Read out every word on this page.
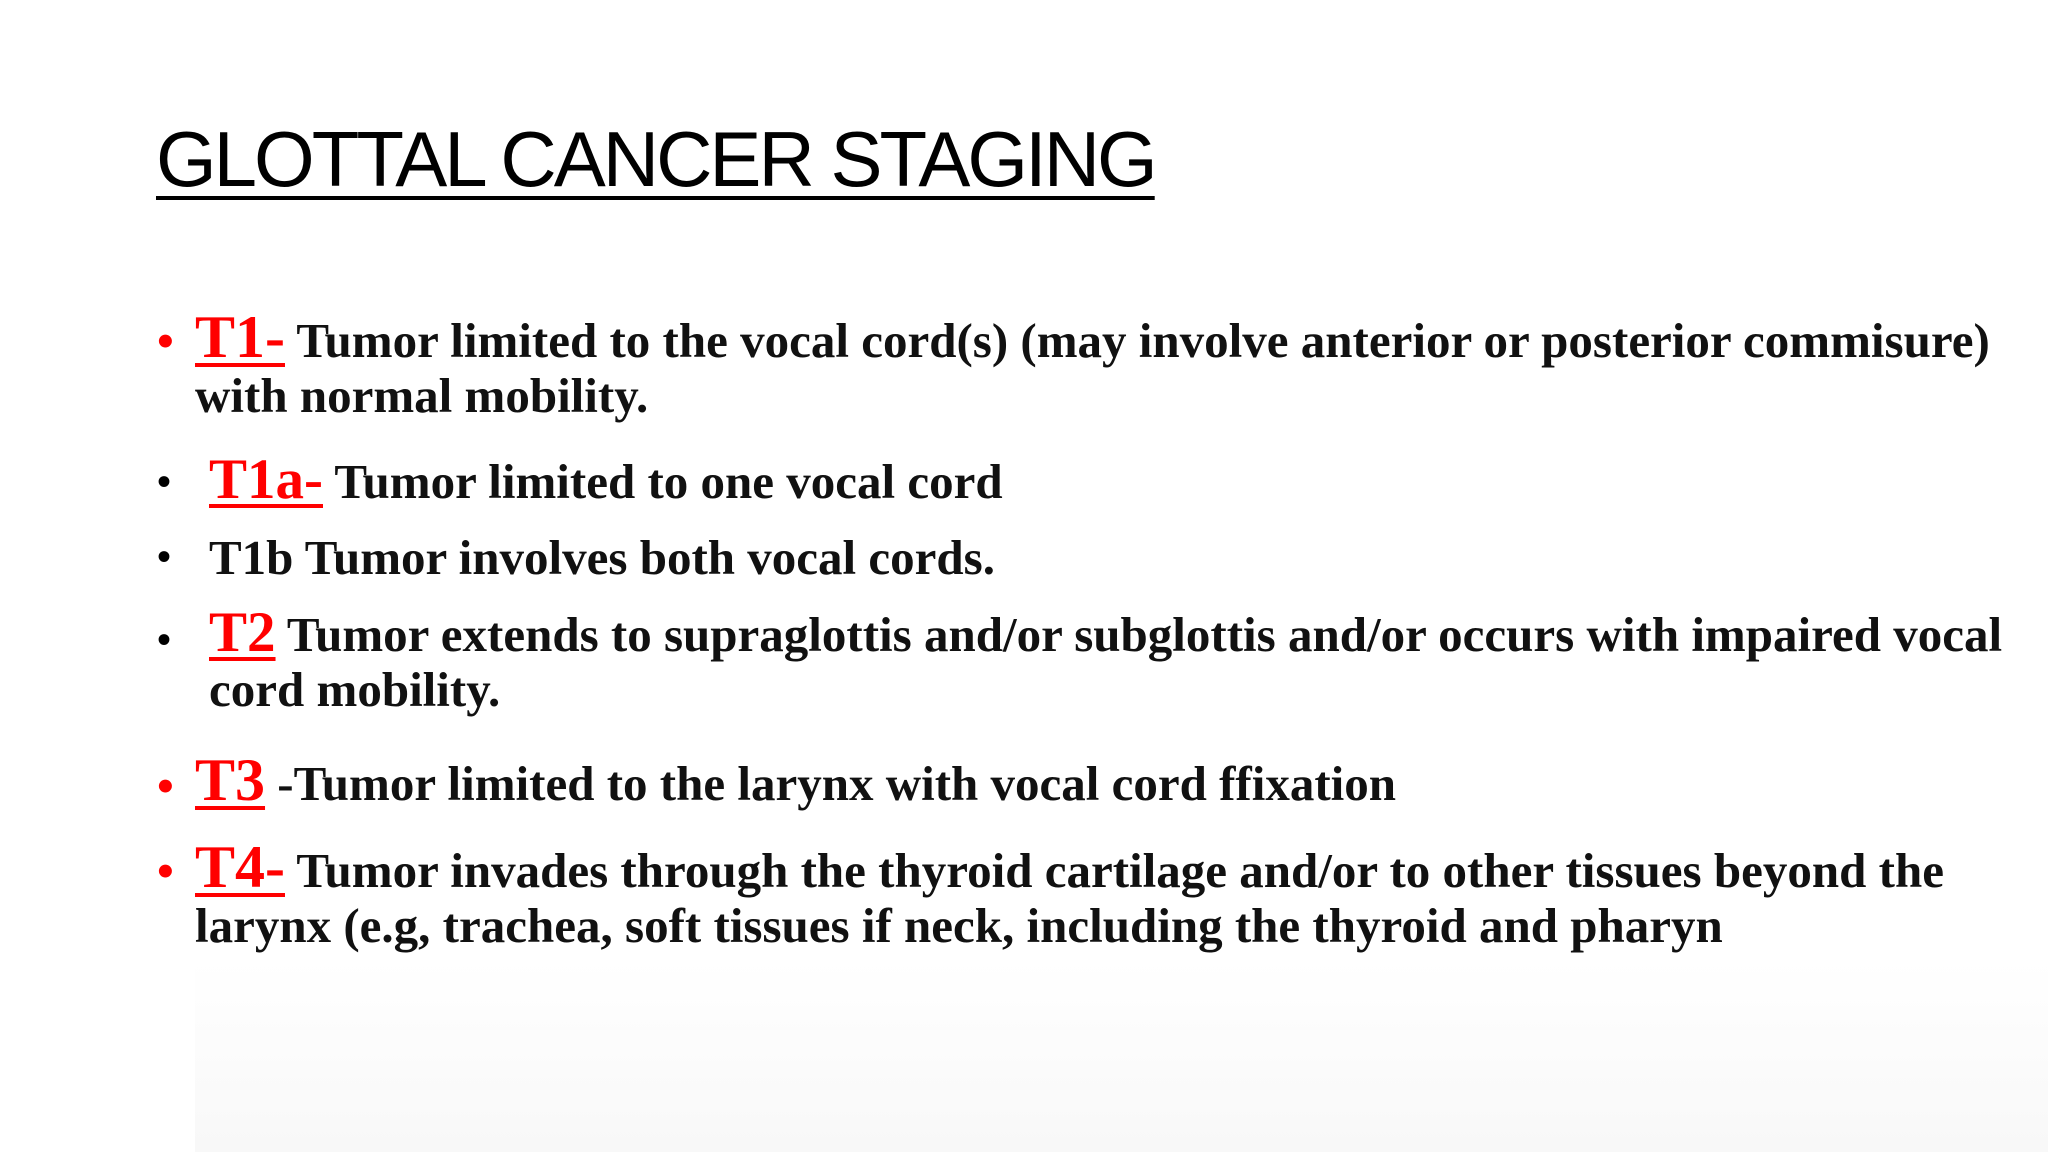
GLOTTAL CANCER STAGING
• T1- Tumor limited to the vocal cord(s) (may involve anterior or posterior commisure) with normal mobility.

• T1a- Tumor limited to one vocal cord

• T1b Tumor involves both vocal cords.

• T2 Tumor extends to supraglottis and/or subglottis and/or occurs with impaired vocal cord mobility.

• T3 -Tumor limited to the larynx with vocal cord ffixation

• T4- Tumor invades through the thyroid cartilage and/or to other tissues beyond the larynx (e.g, trachea, soft tissues if neck, including the thyroid and pharyn
